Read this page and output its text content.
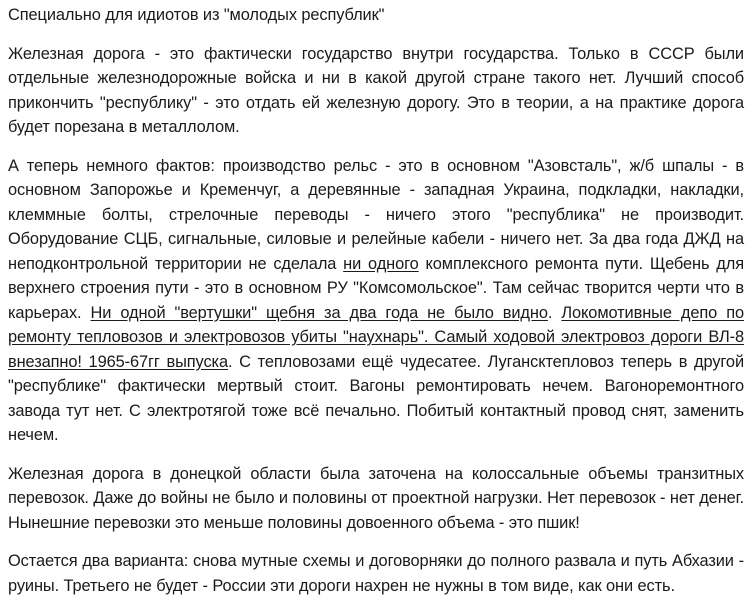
Специально для идиотов из "молодых республик"

Железная дорога - это фактически государство внутри государства. Только в СССР были отдельные железнодорожные войска и ни в какой другой стране такого нет. Лучший способ прикончить "республику" - это отдать ей железную дорогу. Это в теории, а на практике дорога будет порезана в металлолом.

А теперь немного фактов: производство рельс - это в основном "Азовсталь", ж/б шпалы - в основном Запорожье и Кременчуг, а деревянные - западная Украина, подкладки, накладки, клеммные болты, стрелочные переводы - ничего этого "республика" не производит. Оборудование СЦБ, сигнальные, силовые и релейные кабели - ничего нет. За два года ДЖД на неподконтрольной территории не сделала ни одного комплексного ремонта пути. Щебень для верхнего строения пути - это в основном РУ "Комсомольское". Там сейчас творится черти что в карьерах. Ни одной "вертушки" щебня за два года не было видно. Локомотивные депо по ремонту тепловозов и электровозов убиты "наухнарь". Самый ходовой электровоз дороги ВЛ-8 внезапно! 1965-67гг выпуска. С тепловозами ещё чудесатее. Луганcктепловоз теперь в другой "республике" фактически мертвый стоит. Вагоны ремонтировать нечем. Вагоноремонтного завода тут нет. С электротягой тоже всё печально. Побитый контактный провод снят, заменить нечем.

Железная дорога в донецкой области была заточена на колоссальные объемы транзитных перевозок. Даже до войны не было и половины от проектной нагрузки. Нет перевозок - нет денег. Нынешние перевозки это меньше половины довоенного объема - это пшик!

Остается два варианта: снова мутные схемы и договорняки до полного развала и путь Абхазии - руины. Третьего не будет - России эти дороги нахрен не нужны в том виде, как они есть.
